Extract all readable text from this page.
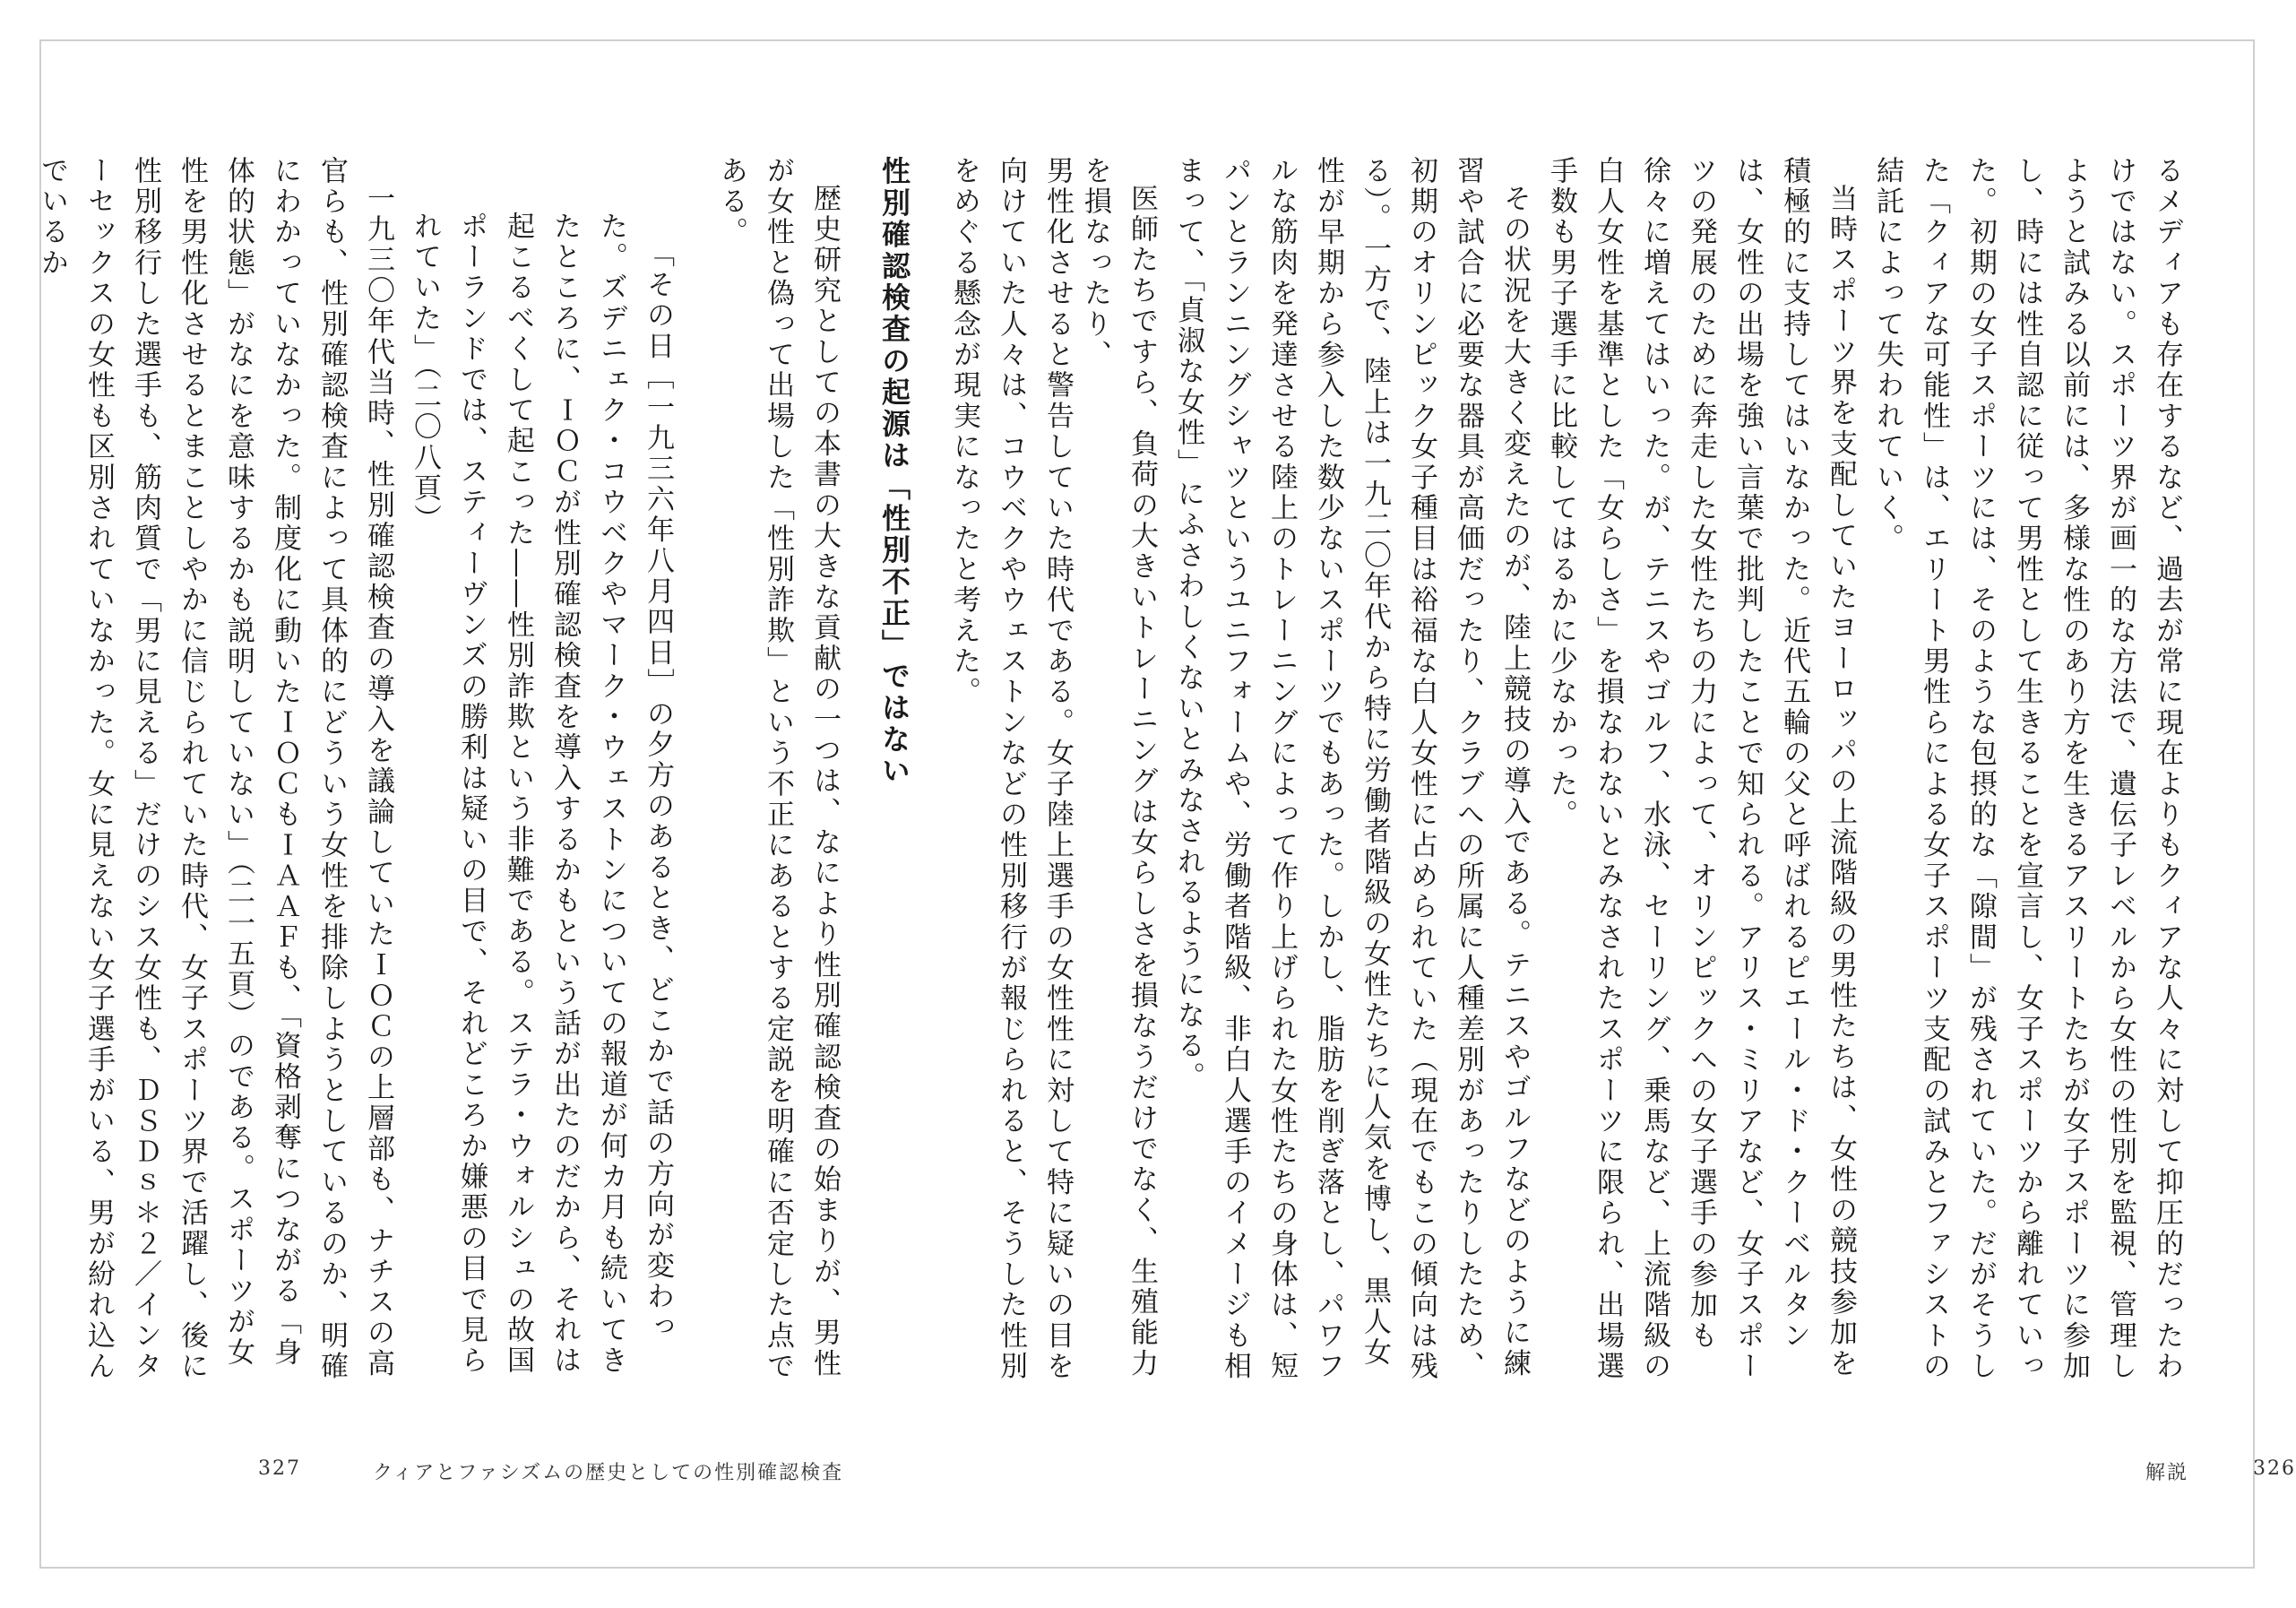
るメディアも存在するなど、過去が常に現在よりもクィアな人々に対して抑圧的だったわけではない。スポーツ界が画一的な方法で、遺伝子レベルから女性の性別を監視、管理しようと試みる以前には、多様な性のあり方を生きるアスリートたちが女子スポーツに参加し、時には性自認に従って男性として生きることを宣言し、女子スポーツから離れていった。初期の女子スポーツには、そのような包摂的な「隙間」が残されていた。だがそうした「クィアな可能性」は、エリート男性らによる女子スポーツ支配の試みとファシストの結託によって失われていく。

当時スポーツ界を支配していたヨーロッパの上流階級の男性たちは、女性の競技参加を積極的に支持してはいなかった。近代五輪の父と呼ばれるピエール・ド・クーベルタンは、女性の出場を強い言葉で批判したことで知られる。アリス・ミリアなど、女子スポーツの発展のために奔走した女性たちの力によって、オリンピックへの女子選手の参加も徐々に増えてはいった。が、テニスやゴルフ、水泳、セーリング、乗馬など、上流階級の白人女性を基準とした「女らしさ」を損なわないとみなされたスポーツに限られ、出場選手数も男子選手に比較してはるかに少なかった。

その状況を大きく変えたのが、陸上競技の導入である。テニスやゴルフなどのように練習や試合に必要な器具が高価だったり、クラブへの所属に人種差別があったりしたため、初期のオリンピック女子種目は裕福な白人女性に占められていた（現在でもこの傾向は残る）。一方で、陸上は一九二〇年代から特に労働者階級の女性たちに人気を博し、黒人女性が早期から参入した数少ないスポーツでもあった。しかし、脂肪を削ぎ落とし、パワフルな筋肉を発達させる陸上のトレーニングによって作り上げられた女性たちの身体は、短パンとランニングシャツというユニフォームや、労働者階級、非白人選手のイメージも相まって、「貞淑な女性」にふさわしくないとみなされるようになる。

医師たちですら、負荷の大きいトレーニングは女らしさを損なうだけでなく、生殖能力を損なったり、

解説	326

男性化させると警告していた時代である。女子陸上選手の女性性に対して特に疑いの目を向けていた人々は、コウベクやウェストンなどの性別移行が報じられると、そうした性別をめぐる懸念が現実になったと考えた。

性別確認検査の起源は「性別不正」ではない

歴史研究としての本書の大きな貢献の一つは、なにより性別確認検査の始まりが、男性が女性と偽って出場した「性別詐欺」という不正にあるとする定説を明確に否定した点である。

「その日［一九三六年八月四日］の夕方のあるとき、どこかで話の方向が変わった。ズデニェク・コウベクやマーク・ウェストンについての報道が何カ月も続いてきたところに、ＩＯＣが性別確認検査を導入するかもという話が出たのだから、それは起こるべくして起こった――性別詐欺という非難である。ステラ・ウォルシュの故国ポーランドでは、スティーヴンズの勝利は疑いの目で、それどころか嫌悪の目で見られていた」（二〇八頁）

一九三〇年代当時、性別確認検査の導入を議論していたＩＯＣの上層部も、ナチスの高官らも、性別確認検査によって具体的にどういう女性を排除しようとしているのか、明確にわかっていなかった。制度化に動いたＩＯＣもＩＡＡＦも、「資格剥奪につながる「身体的状態」がなにを意味するかも説明していない」（二一五頁）のである。スポーツが女性を男性化させるとまことしやかに信じられていた時代、女子スポーツ界で活躍し、後に性別移行した選手も、筋肉質で「男に見える」だけのシス女性も、ＤＳＤｓ＊２／インターセックスの女性も区別されていなかった。女に見えない女子選手がいる、男が紛れ込んでいるか

327	クィアとファシズムの歴史としての性別確認検査
